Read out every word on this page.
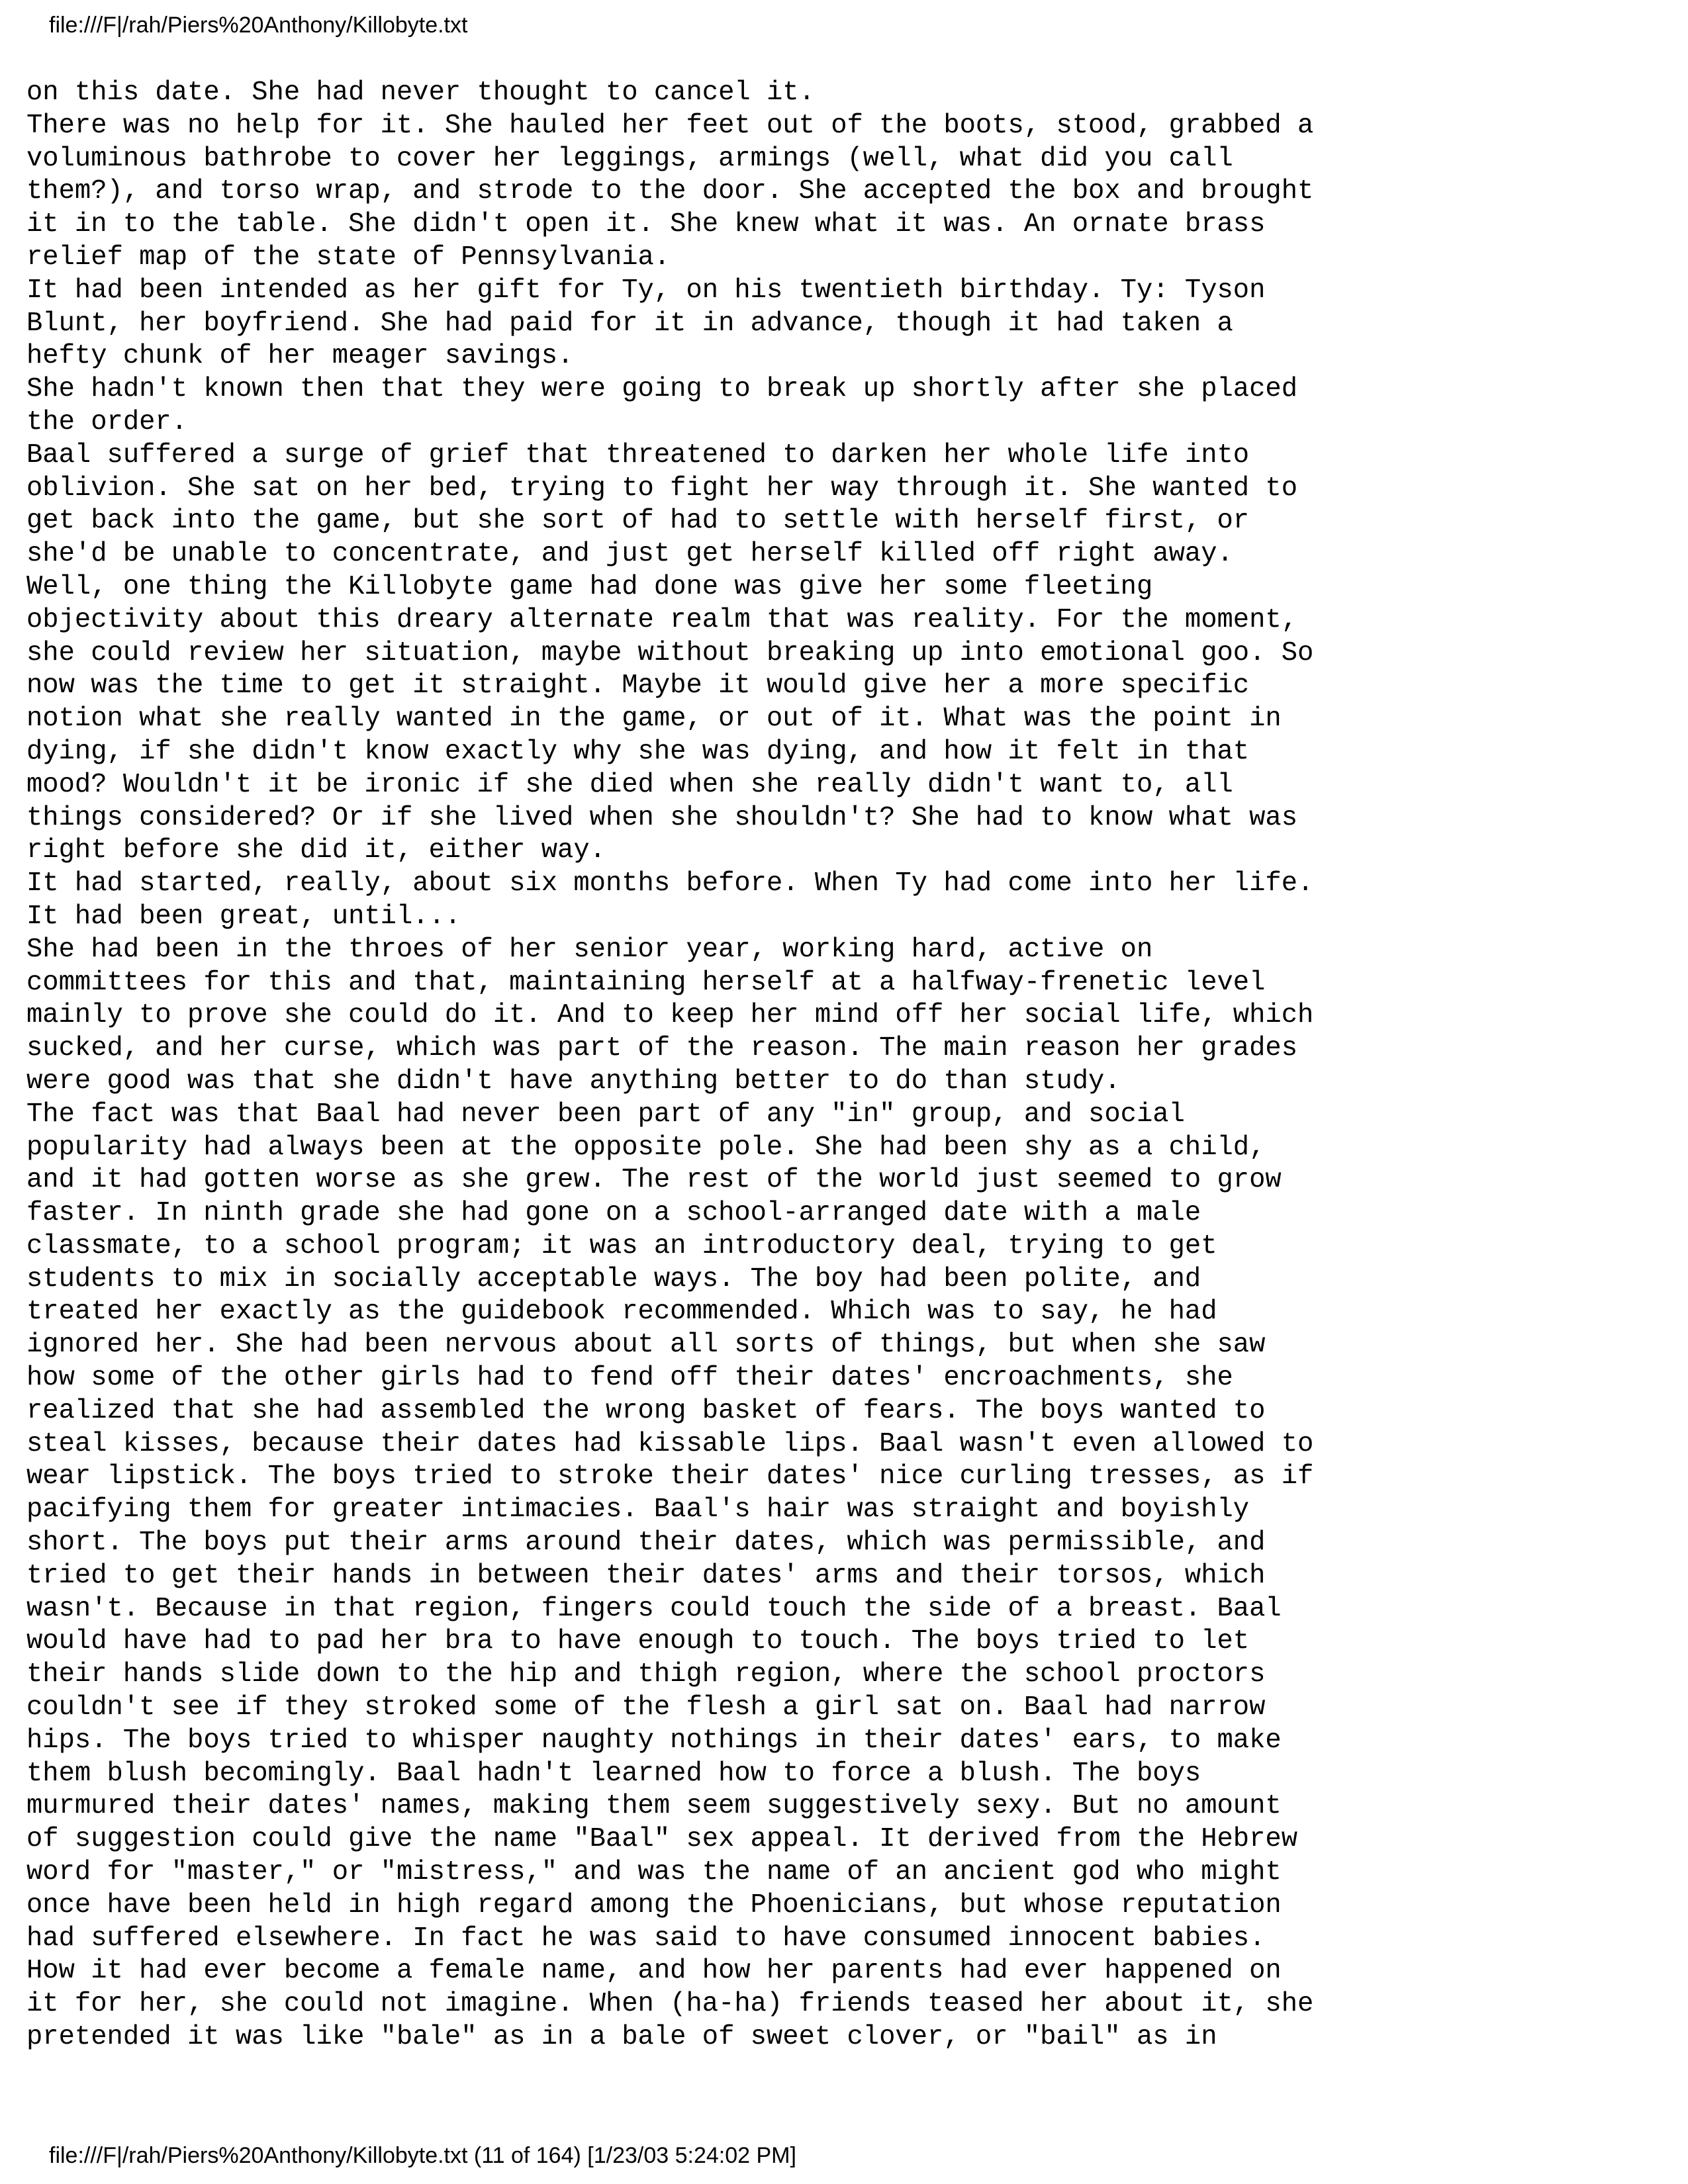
file:///F|/rah/Piers%20Anthony/Killobyte.txt
on this date. She had never thought to cancel it.
There was no help for it. She hauled her feet out of the boots, stood, grabbed a
voluminous bathrobe to cover her leggings, armings (well, what did you call
them?), and torso wrap, and strode to the door. She accepted the box and brought
it in to the table. She didn't open it. She knew what it was. An ornate brass
relief map of the state of Pennsylvania.
It had been intended as her gift for Ty, on his twentieth birthday. Ty: Tyson
Blunt, her boyfriend. She had paid for it in advance, though it had taken a
hefty chunk of her meager savings.
She hadn't known then that they were going to break up shortly after she placed
the order.
Baal suffered a surge of grief that threatened to darken her whole life into
oblivion. She sat on her bed, trying to fight her way through it. She wanted to
get back into the game, but she sort of had to settle with herself first, or
she'd be unable to concentrate, and just get herself killed off right away.
Well, one thing the Killobyte game had done was give her some fleeting
objectivity about this dreary alternate realm that was reality. For the moment,
she could review her situation, maybe without breaking up into emotional goo. So
now was the time to get it straight. Maybe it would give her a more specific
notion what she really wanted in the game, or out of it. What was the point in
dying, if she didn't know exactly why she was dying, and how it felt in that
mood? Wouldn't it be ironic if she died when she really didn't want to, all
things considered? Or if she lived when she shouldn't? She had to know what was
right before she did it, either way.
It had started, really, about six months before. When Ty had come into her life.
It had been great, until...
She had been in the throes of her senior year, working hard, active on
committees for this and that, maintaining herself at a halfway-frenetic level
mainly to prove she could do it. And to keep her mind off her social life, which
sucked, and her curse, which was part of the reason. The main reason her grades
were good was that she didn't have anything better to do than study.
The fact was that Baal had never been part of any "in" group, and social
popularity had always been at the opposite pole. She had been shy as a child,
and it had gotten worse as she grew. The rest of the world just seemed to grow
faster. In ninth grade she had gone on a school-arranged date with a male
classmate, to a school program; it was an introductory deal, trying to get
students to mix in socially acceptable ways. The boy had been polite, and
treated her exactly as the guidebook recommended. Which was to say, he had
ignored her. She had been nervous about all sorts of things, but when she saw
how some of the other girls had to fend off their dates' encroachments, she
realized that she had assembled the wrong basket of fears. The boys wanted to
steal kisses, because their dates had kissable lips. Baal wasn't even allowed to
wear lipstick. The boys tried to stroke their dates' nice curling tresses, as if
pacifying them for greater intimacies. Baal's hair was straight and boyishly
short. The boys put their arms around their dates, which was permissible, and
tried to get their hands in between their dates' arms and their torsos, which
wasn't. Because in that region, fingers could touch the side of a breast. Baal
would have had to pad her bra to have enough to touch. The boys tried to let
their hands slide down to the hip and thigh region, where the school proctors
couldn't see if they stroked some of the flesh a girl sat on. Baal had narrow
hips. The boys tried to whisper naughty nothings in their dates' ears, to make
them blush becomingly. Baal hadn't learned how to force a blush. The boys
murmured their dates' names, making them seem suggestively sexy. But no amount
of suggestion could give the name "Baal" sex appeal. It derived from the Hebrew
word for "master," or "mistress," and was the name of an ancient god who might
once have been held in high regard among the Phoenicians, but whose reputation
had suffered elsewhere. In fact he was said to have consumed innocent babies.
How it had ever become a female name, and how her parents had ever happened on
it for her, she could not imagine. When (ha-ha) friends teased her about it, she
pretended it was like "bale" as in a bale of sweet clover, or "bail" as in
file:///F|/rah/Piers%20Anthony/Killobyte.txt (11 of 164) [1/23/03 5:24:02 PM]
